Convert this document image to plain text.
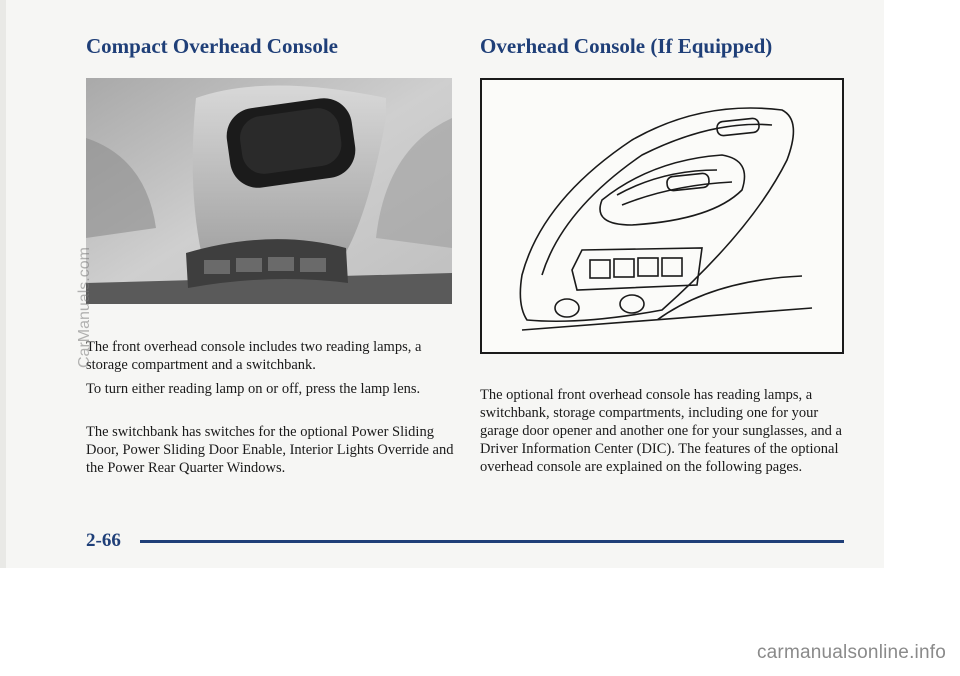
Compact Overhead Console	Overhead Console (If Equipped)

The front overhead console includes two reading lamps, a storage compartment and a switchbank.

To turn either reading lamp on or off, press the lamp lens.

The switchbank has switches for the optional Power Sliding Door, Power Sliding Door Enable, Interior Lights Override and the Power Rear Quarter Windows.

The optional front overhead console has reading lamps, a switchbank, storage compartments, including one for your garage door opener and another one for your sunglasses, and a Driver Information Center (DIC). The features of the optional overhead console are explained on the following pages.

2-66

CarManuals.com
carmanualsonline.info
